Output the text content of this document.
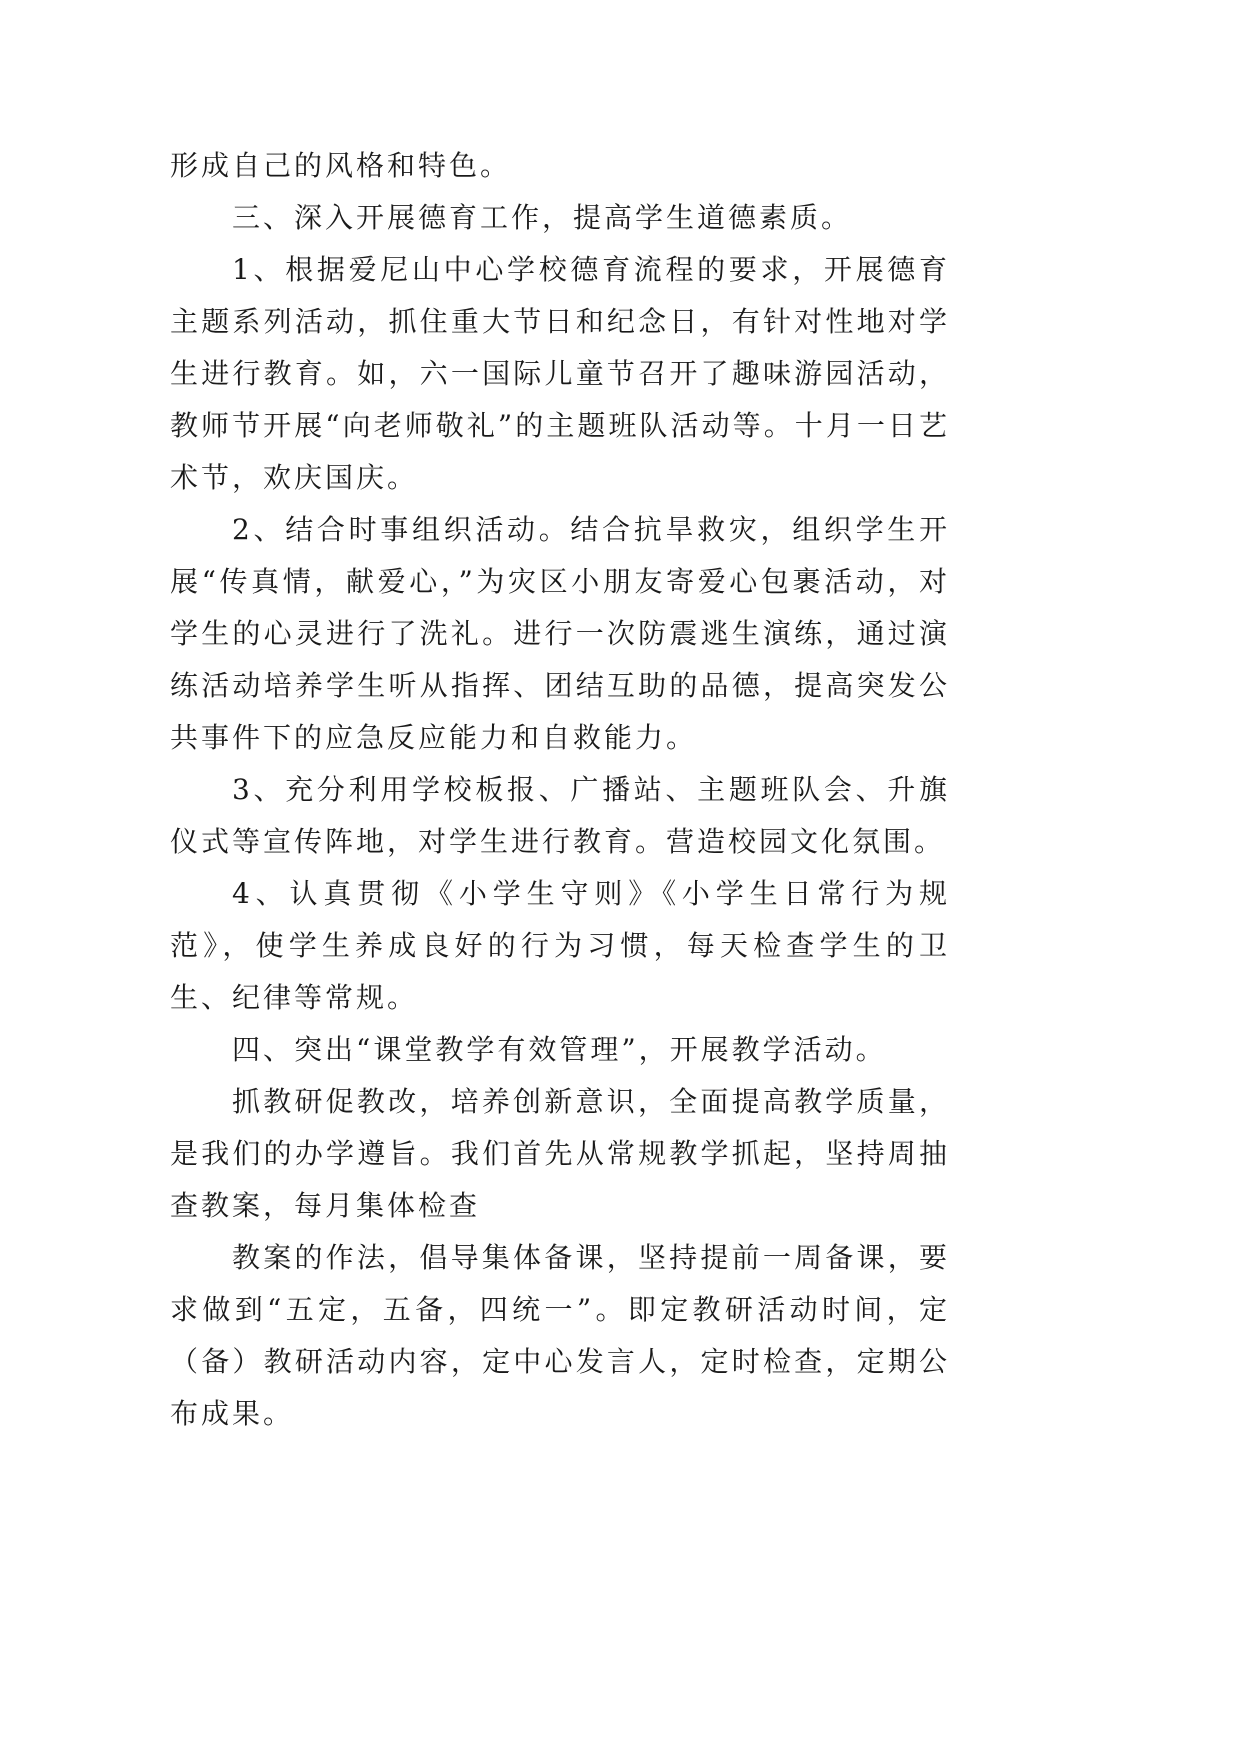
形成自己的风格和特色。

三、深入开展德育工作，提高学生道德素质。

1、根据爱尼山中心学校德育流程的要求，开展德育主题系列活动，抓住重大节日和纪念日，有针对性地对学生进行教育。如，六一国际儿童节召开了趣味游园活动，教师节开展“向老师敬礼”的主题班队活动等。十月一日艺术节，欢庆国庆。

2、结合时事组织活动。结合抗旱救灾，组织学生开展“传真情，献爱心，”为灾区小朋友寄爱心包裹活动，对学生的心灵进行了洗礼。进行一次防震逃生演练，通过演练活动培养学生听从指挥、团结互助的品德，提高突发公共事件下的应急反应能力和自救能力。

3、充分利用学校板报、广播站、主题班队会、升旗仪式等宣传阵地，对学生进行教育。营造校园文化氛围。

4、认真贯彻《小学生守则》《小学生日常行为规范》，使学生养成良好的行为习惯，每天检查学生的卫生、纪律等常规。

四、突出“课堂教学有效管理”，开展教学活动。

抓教研促教改，培养创新意识，全面提高教学质量，是我们的办学遵旨。我们首先从常规教学抓起，坚持周抽查教案，每月集体检查

教案的作法，倡导集体备课，坚持提前一周备课，要求做到“五定，五备，四统一”。即定教研活动时间，定（备）教研活动内容，定中心发言人，定时检查，定期公布成果。
